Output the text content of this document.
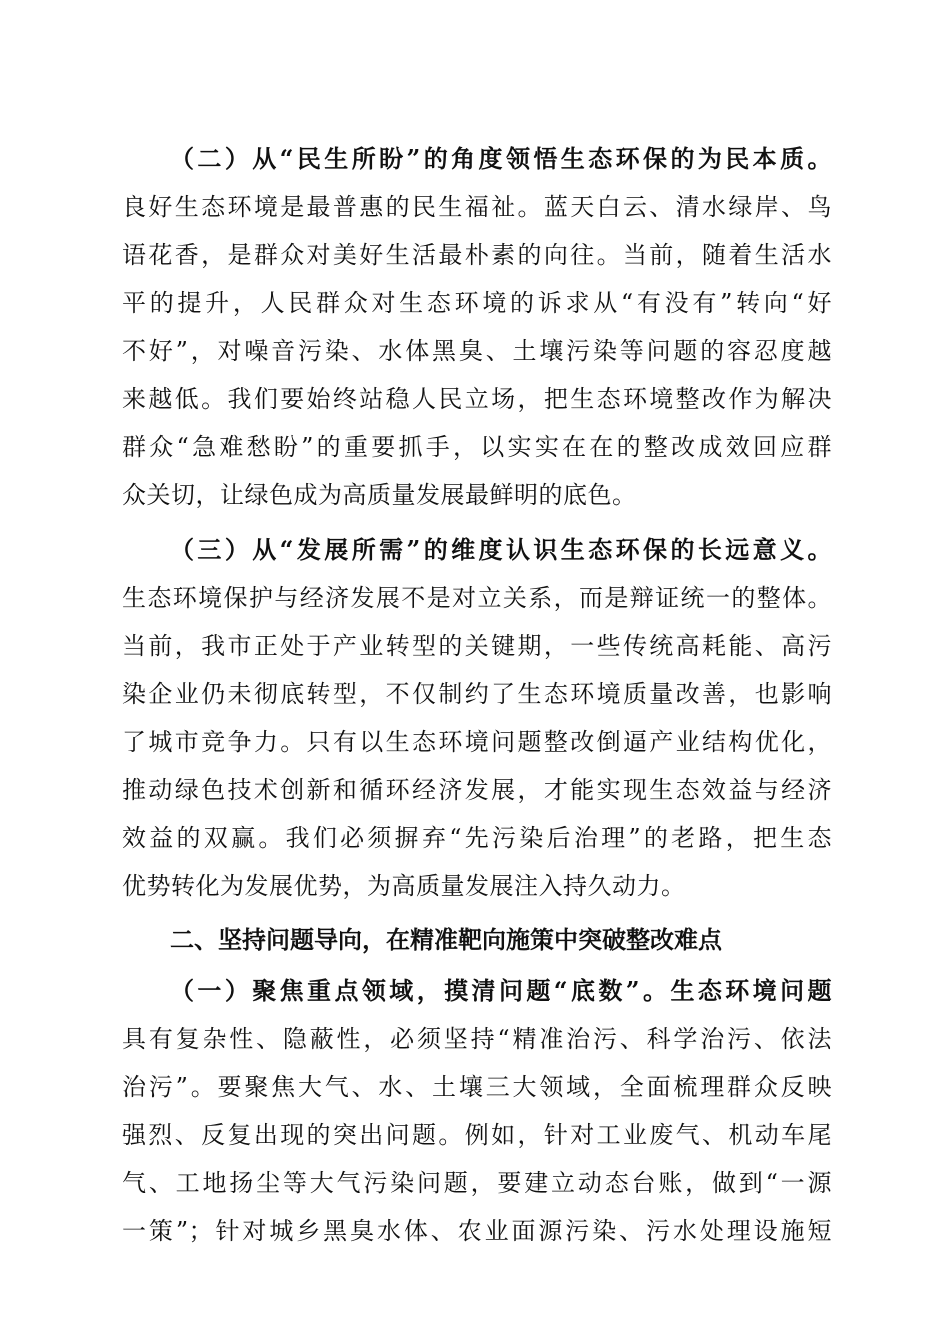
（二）从“民生所盼”的角度领悟生态环保的为民本质。
良好生态环境是最普惠的民生福祉。蓝天白云、清水绿岸、鸟
语花香，是群众对美好生活最朴素的向往。当前，随着生活水
平的提升，人民群众对生态环境的诉求从“有没有”转向“好
不好”，对噪音污染、水体黑臭、土壤污染等问题的容忍度越
来越低。我们要始终站稳人民立场，把生态环境整改作为解决
群众“急难愁盼”的重要抓手，以实实在在的整改成效回应群
众关切，让绿色成为高质量发展最鲜明的底色。
（三）从“发展所需”的维度认识生态环保的长远意义。
生态环境保护与经济发展不是对立关系，而是辩证统一的整体。
当前，我市正处于产业转型的关键期，一些传统高耗能、高污
染企业仍未彻底转型，不仅制约了生态环境质量改善，也影响
了城市竞争力。只有以生态环境问题整改倒逼产业结构优化，
推动绿色技术创新和循环经济发展，才能实现生态效益与经济
效益的双赢。我们必须摒弃“先污染后治理”的老路，把生态
优势转化为发展优势，为高质量发展注入持久动力。
二、坚持问题导向，在精准靶向施策中突破整改难点
（一）聚焦重点领域，摸清问题“底数”。生态环境问题
具有复杂性、隐蔽性，必须坚持“精准治污、科学治污、依法
治污”。要聚焦大气、水、土壤三大领域，全面梳理群众反映
强烈、反复出现的突出问题。例如，针对工业废气、机动车尾
气、工地扬尘等大气污染问题，要建立动态台账，做到“一源
一策”；针对城乡黑臭水体、农业面源污染、污水处理设施短
